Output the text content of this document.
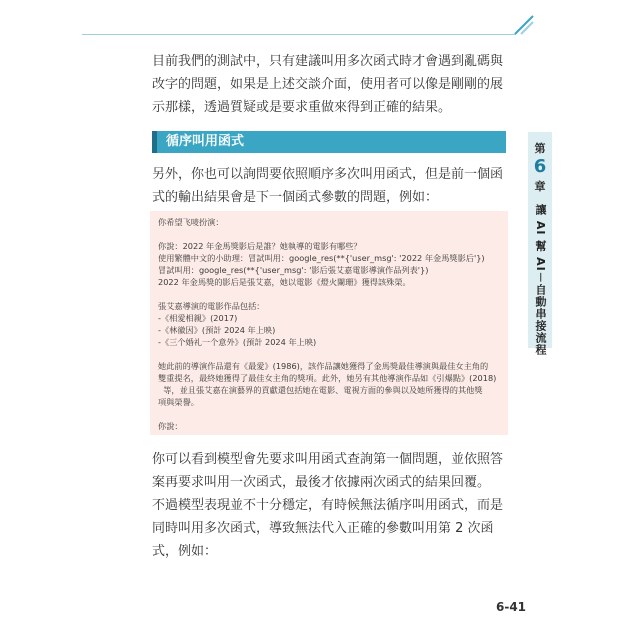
目前我們的測試中，只有建議叫用多次函式時才會遇到亂碼與改字的問題，如果是上述交談介面，使用者可以像是剛剛的展示那樣，透過質疑或是要求重做來得到正確的結果。

循序叫用函式

另外，你也可以詢問要依照順序多次叫用函式，但是前一個函式的輸出結果會是下一個函式參數的問題，例如：

你希望飞唛扮演：
你說：2022 年金馬獎影后是誰？她執導的電影有哪些？
使用繁體中文的小助理：冒試叫用：google_res(**{'user_msg': '2022 年金馬獎影后'})
冒試叫用：google_res(**{'user_msg': '影后張艾嘉電影導演作品列表'})
2022 年金馬獎的影后是張艾嘉，她以電影《燈火闌珊》獲得該殊榮。
張艾嘉導演的電影作品包括：
-《相愛相親》(2017)
-《林徽因》(預計 2024 年上映)
-《三个婚礼一个意外》(預計 2024 年上映)
她此前的導演作品還有《最愛》(1986)，該作品讓她獲得了金馬獎最佳導演與最佳女主角的
雙重提名，最終她獲得了最佳女主角的獎項。此外，她另有其他導演作品如《引爆點》(2018)
等，並且張艾嘉在演藝界的貢獻還包括她在電影、電視方面的參與以及她所獲得的其他獎
項與榮譽。
你說：

你可以看到模型會先要求叫用函式查詢第一個問題，並依照答案再要求叫用一次函式，最後才依據兩次函式的結果回覆。

不過模型表現並不十分穩定，有時候無法循序叫用函式，而是同時叫用多次函式，導致無法代入正確的參數叫用第 2 次函式，例如：

第
6
章
讓 AI 幫 AI－自動串接流程
6-41
